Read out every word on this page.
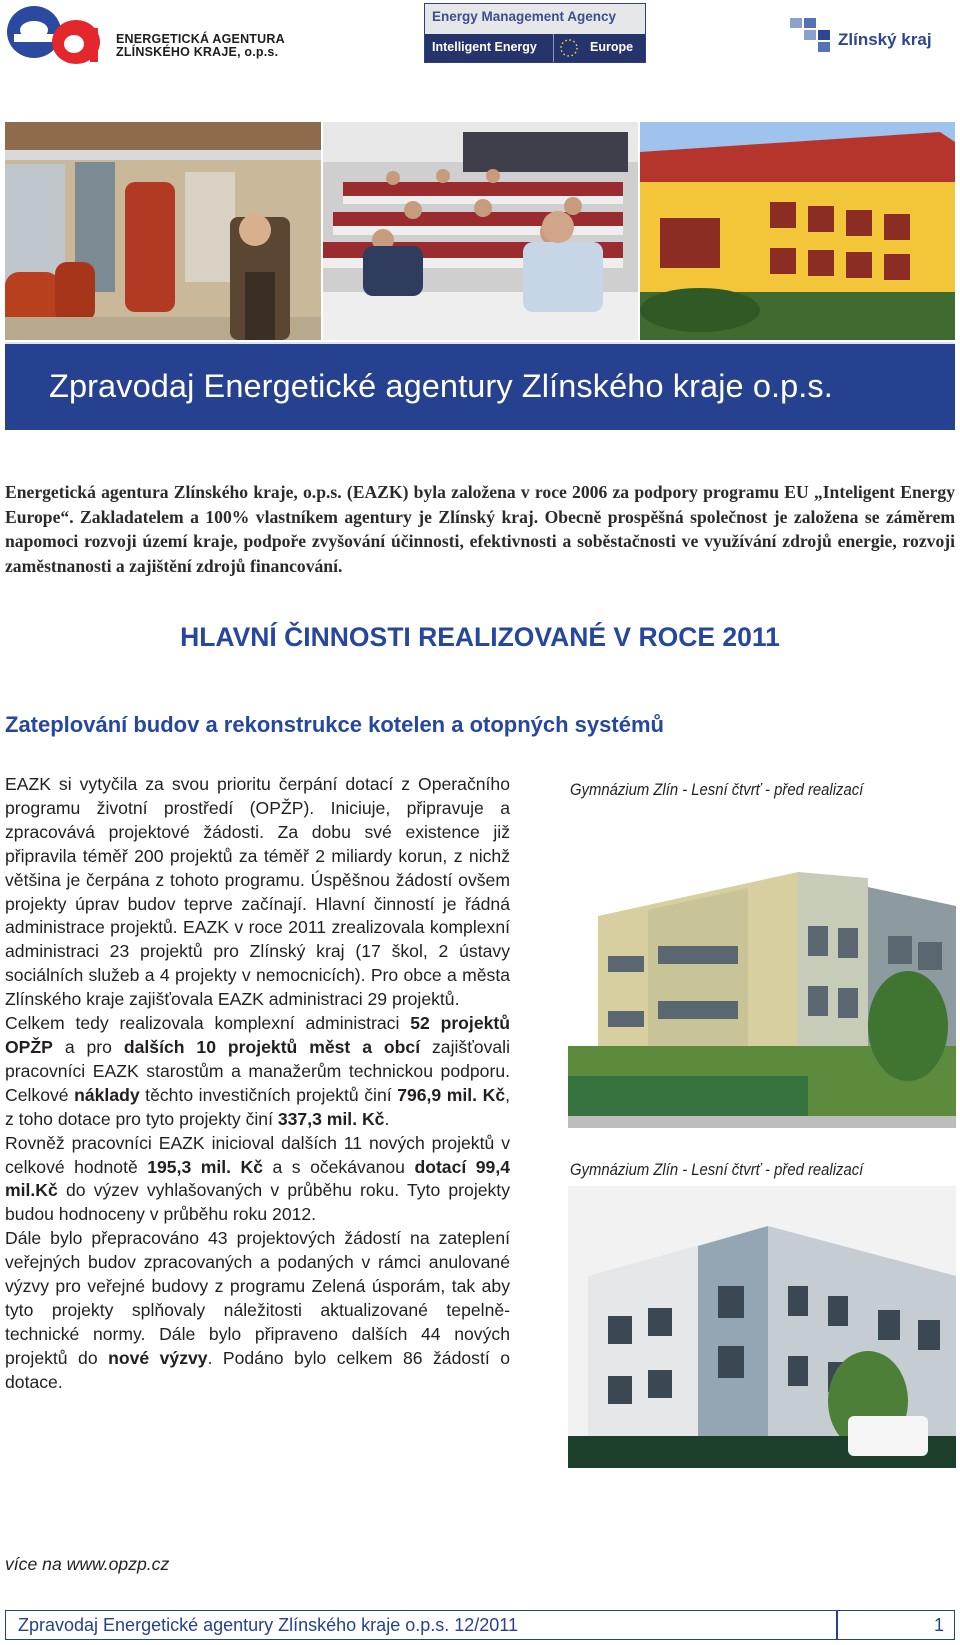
ENERGETICKÁ AGENTURA
ZLÍNSKÉHO KRAJE, o.p.s.
Energy Management Agency
Intelligent Energy	Europe	Zlínský kraj
Zpravodaj Energetické agentury Zlínského kraje o.p.s.

Energetická agentura Zlínského kraje, o.p.s. (EAZK) byla založena v roce 2006 za podpory programu EU „Inteligent Energy Europe“. Zakladatelem a 100% vlastníkem agentury je Zlínský kraj. Obecně prospěšná společnost je založena se záměrem napomoci rozvoji území kraje, podpoře zvyšování účinnosti, efektivnosti a soběstačnosti ve využívání zdrojů energie, rozvoji zaměstnanosti a zajištění zdrojů financování.

HLAVNÍ ČINNOSTI REALIZOVANÉ V ROCE 2011
Zateplování budov a rekonstrukce kotelen a otopných systémů

EAZK si vytyčila za svou prioritu čerpání dotací z Operačního programu životní prostředí (OPŽP). Iniciuje, připravuje a zpracovává projektové žádosti. Za dobu své existence již připravila téměř 200 projektů za téměř 2 miliardy korun, z nichž většina je čerpána z tohoto programu. Úspěšnou žádostí ovšem projekty úprav budov teprve začínají. Hlavní činností je řádná administrace projektů. EAZK v roce 2011 zrealizovala komplexní administraci 23 projektů pro Zlínský kraj (17 škol, 2 ústavy sociálních služeb a 4 projekty v nemocnicích). Pro obce a města Zlínského kraje zajišťovala EAZK administraci 29 projektů.

Celkem tedy realizovala komplexní administraci 52 projektů OPŽP a pro dalších 10 projektů měst a obcí zajišťovali pracovníci EAZK starostům a manažerům technickou podporu. Celkové náklady těchto investičních projektů činí 796,9 mil. Kč, z toho dotace pro tyto projekty činí 337,3 mil. Kč.

Rovněž pracovníci EAZK inicioval dalších 11 nových projektů v celkové hodnotě 195,3 mil. Kč a s očekávanou dotací 99,4 mil.Kč do výzev vyhlašovaných v průběhu roku. Tyto projekty budou hodnoceny v průběhu roku 2012.

Dále bylo přepracováno 43 projektových žádostí na zateplení veřejných budov zpracovaných a podaných v rámci anulované výzvy pro veřejné budovy z programu Zelená úsporám, tak aby tyto projekty splňovaly náležitosti aktualizované tepelně-technické normy. Dále bylo připraveno dalších 44 nových projektů do nové výzvy. Podáno bylo celkem 86 žádostí o dotace.

Gymnázium Zlín - Lesní čtvrť - před realizací
Gymnázium Zlín - Lesní čtvrť - před realizací
více na www.opzp.cz
Zpravodaj Energetické agentury Zlínského kraje o.p.s. 12/2011	1
